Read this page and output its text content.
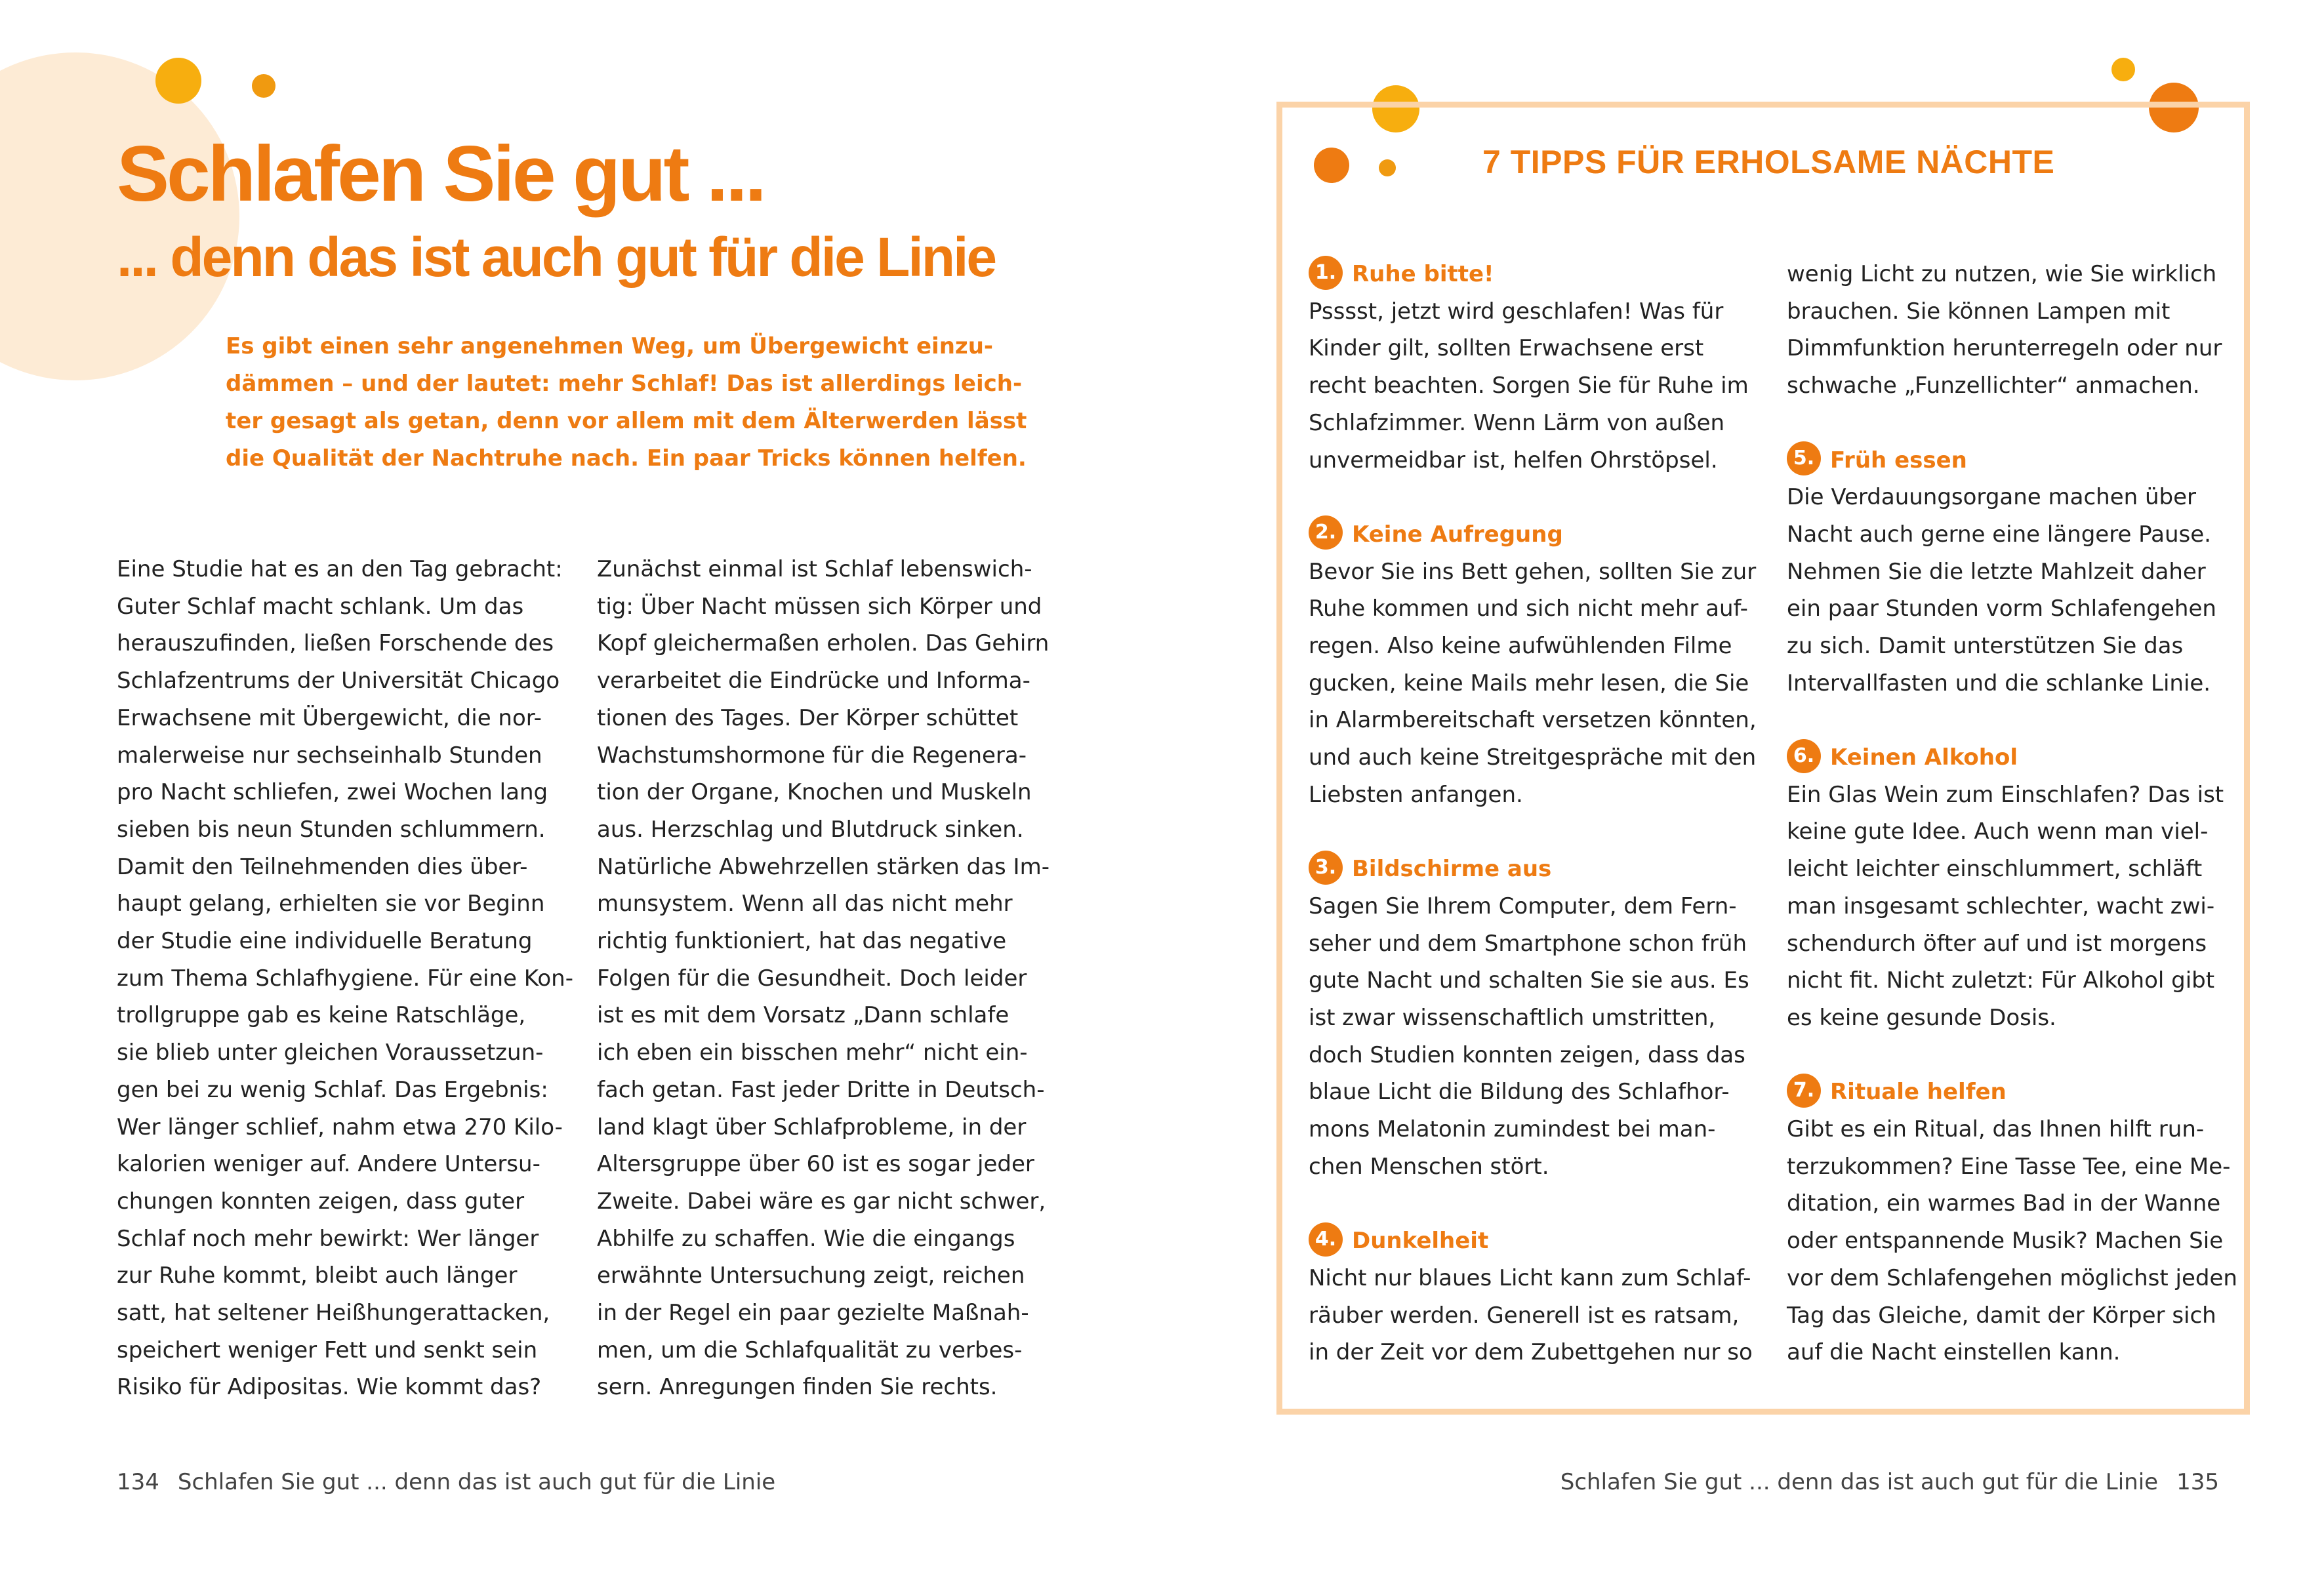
Schlafen Sie gut ...
... denn das ist auch gut für die Linie
Es gibt einen sehr angenehmen Weg, um Übergewicht einzu-
dämmen – und der lautet: mehr Schlaf! Das ist allerdings leich-
ter gesagt als getan, denn vor allem mit dem Älterwerden lässt
die Qualität der Nachtruhe nach. Ein paar Tricks können helfen.
Eine Studie hat es an den Tag gebracht:
Guter Schlaf macht schlank. Um das
herauszufinden, ließen Forschende des
Schlafzentrums der Universität Chicago
Erwachsene mit Übergewicht, die nor-
malerweise nur sechseinhalb Stunden
pro Nacht schliefen, zwei Wochen lang
sieben bis neun Stunden schlummern.
Damit den Teilnehmenden dies über-
haupt gelang, erhielten sie vor Beginn
der Studie eine individuelle Beratung
zum Thema Schlafhygiene. Für eine Kon-
trollgruppe gab es keine Ratschläge,
sie blieb unter gleichen Voraussetzun-
gen bei zu wenig Schlaf. Das Ergebnis:
Wer länger schlief, nahm etwa 270 Kilo-
kalorien weniger auf. Andere Untersu-
chungen konnten zeigen, dass guter
Schlaf noch mehr bewirkt: Wer länger
zur Ruhe kommt, bleibt auch länger
satt, hat seltener Heißhungerattacken,
speichert weniger Fett und senkt sein
Risiko für Adipositas. Wie kommt das?
Zunächst einmal ist Schlaf lebenswich-
tig: Über Nacht müssen sich Körper und
Kopf gleichermaßen erholen. Das Gehirn
verarbeitet die Eindrücke und Informa-
tionen des Tages. Der Körper schüttet
Wachstumshormone für die Regenera-
tion der Organe, Knochen und Muskeln
aus. Herzschlag und Blutdruck sinken.
Natürliche Abwehrzellen stärken das Im-
munsystem. Wenn all das nicht mehr
richtig funktioniert, hat das negative
Folgen für die Gesundheit. Doch leider
ist es mit dem Vorsatz „Dann schlafe
ich eben ein bisschen mehr“ nicht ein-
fach getan. Fast jeder Dritte in Deutsch-
land klagt über Schlafprobleme, in der
Altersgruppe über 60 ist es sogar jeder
Zweite. Dabei wäre es gar nicht schwer,
Abhilfe zu schaffen. Wie die eingangs
erwähnte Untersuchung zeigt, reichen
in der Regel ein paar gezielte Maßnah-
men, um die Schlafqualität zu verbes-
sern. Anregungen finden Sie rechts.
134 Schlafen Sie gut ... denn das ist auch gut für die Linie
7 TIPPS FÜR ERHOLSAME NÄCHTE
1. Ruhe bitte!
Psssst, jetzt wird geschlafen! Was für
Kinder gilt, sollten Erwachsene erst
recht beachten. Sorgen Sie für Ruhe im
Schlafzimmer. Wenn Lärm von außen
unvermeidbar ist, helfen Ohrstöpsel.
2. Keine Aufregung
Bevor Sie ins Bett gehen, sollten Sie zur
Ruhe kommen und sich nicht mehr auf-
regen. Also keine aufwühlenden Filme
gucken, keine Mails mehr lesen, die Sie
in Alarmbereitschaft versetzen könnten,
und auch keine Streitgespräche mit den
Liebsten anfangen.
3. Bildschirme aus
Sagen Sie Ihrem Computer, dem Fern-
seher und dem Smartphone schon früh
gute Nacht und schalten Sie sie aus. Es
ist zwar wissenschaftlich umstritten,
doch Studien konnten zeigen, dass das
blaue Licht die Bildung des Schlafhor-
mons Melatonin zumindest bei man-
chen Menschen stört.
4. Dunkelheit
Nicht nur blaues Licht kann zum Schlaf-
räuber werden. Generell ist es ratsam,
in der Zeit vor dem Zubettgehen nur so
wenig Licht zu nutzen, wie Sie wirklich
brauchen. Sie können Lampen mit
Dimmfunktion herunterregeln oder nur
schwache „Funzellichter“ anmachen.
5. Früh essen
Die Verdauungsorgane machen über
Nacht auch gerne eine längere Pause.
Nehmen Sie die letzte Mahlzeit daher
ein paar Stunden vorm Schlafengehen
zu sich. Damit unterstützen Sie das
Intervallfasten und die schlanke Linie.
6. Keinen Alkohol
Ein Glas Wein zum Einschlafen? Das ist
keine gute Idee. Auch wenn man viel-
leicht leichter einschlummert, schläft
man insgesamt schlechter, wacht zwi-
schendurch öfter auf und ist morgens
nicht fit. Nicht zuletzt: Für Alkohol gibt
es keine gesunde Dosis.
7. Rituale helfen
Gibt es ein Ritual, das Ihnen hilft run-
terzukommen? Eine Tasse Tee, eine Me-
ditation, ein warmes Bad in der Wanne
oder entspannende Musik? Machen Sie
vor dem Schlafengehen möglichst jeden
Tag das Gleiche, damit der Körper sich
auf die Nacht einstellen kann.
Schlafen Sie gut ... denn das ist auch gut für die Linie 135
